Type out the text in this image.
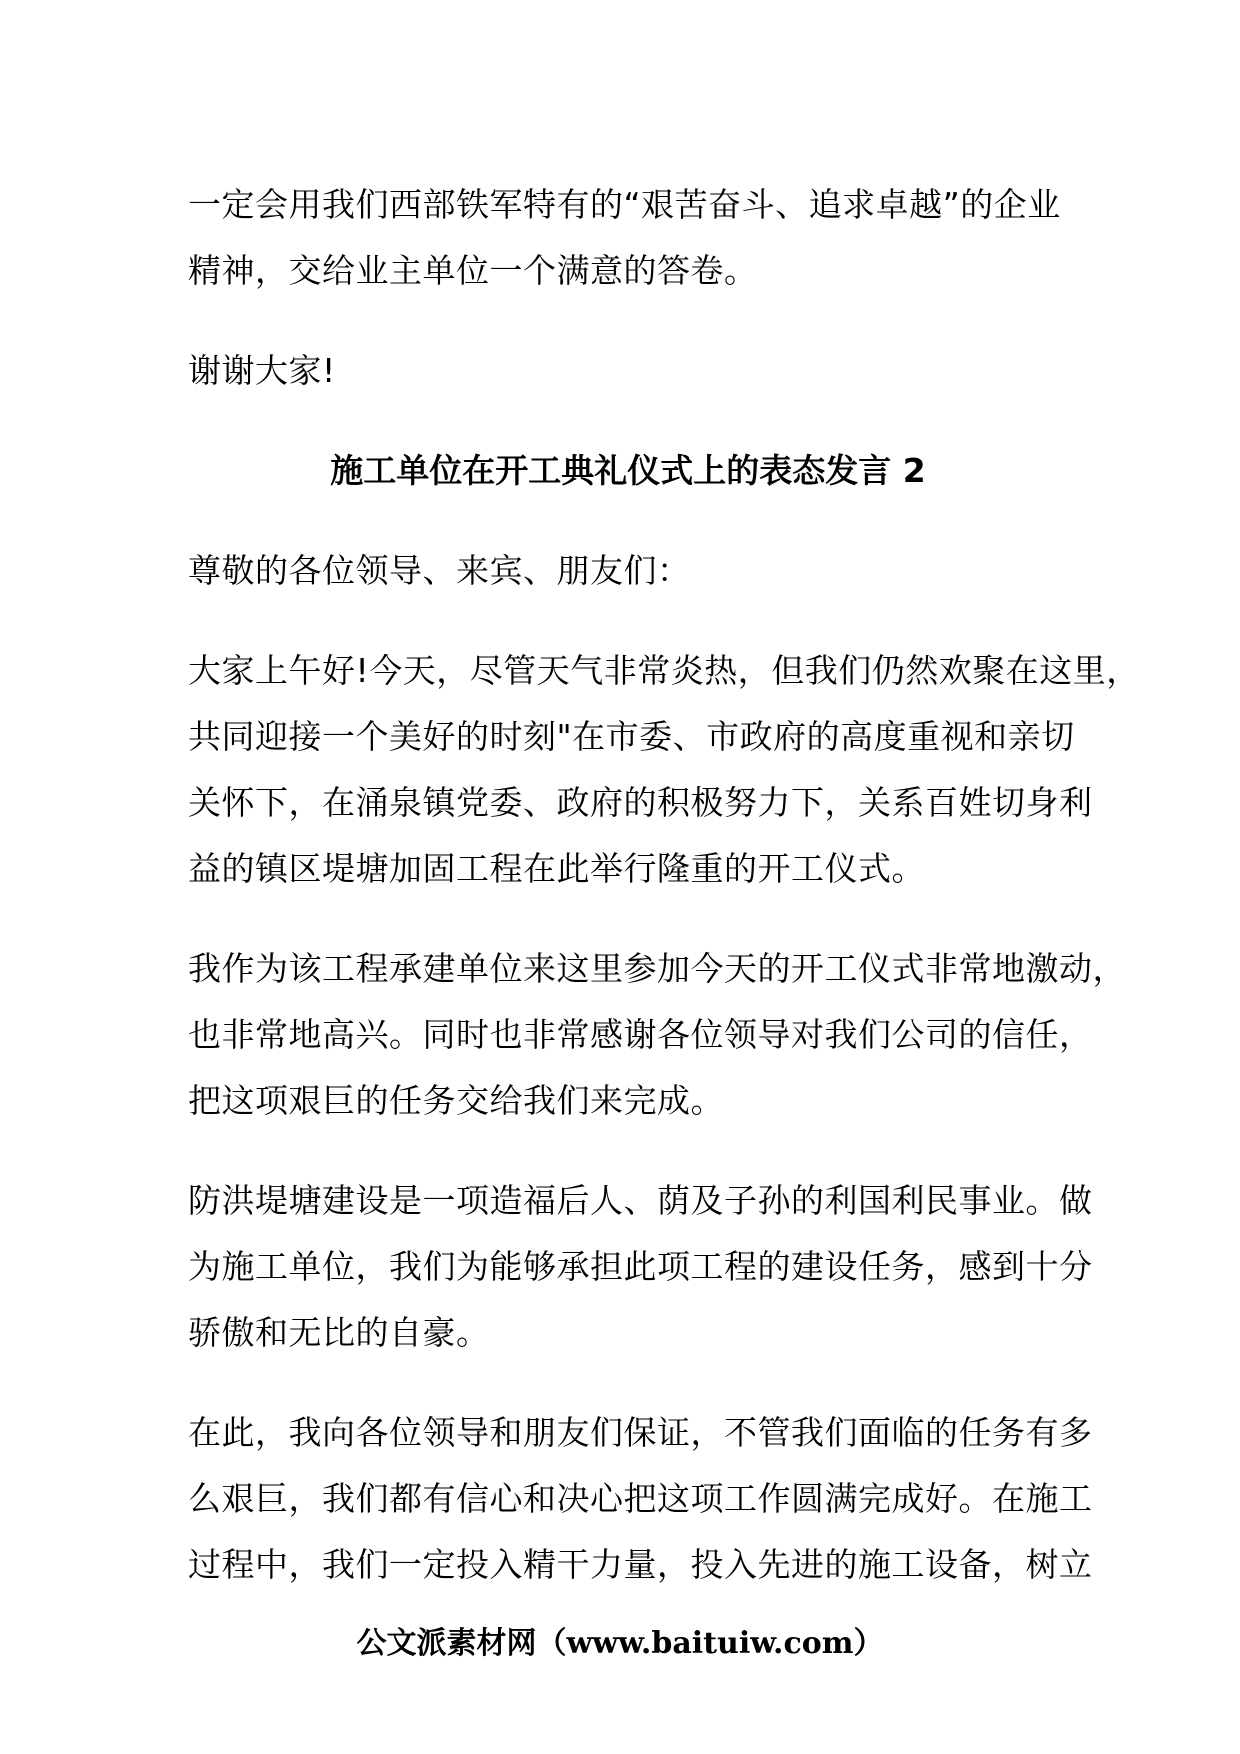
一定会用我们西部铁军特有的“艰苦奋斗、追求卓越”的企业
精神，交给业主单位一个满意的答卷。

谢谢大家!

施工单位在开工典礼仪式上的表态发言 2

尊敬的各位领导、来宾、朋友们：

大家上午好!今天，尽管天气非常炎热，但我们仍然欢聚在这里，
共同迎接一个美好的时刻"在市委、市政府的高度重视和亲切
关怀下，在涌泉镇党委、政府的积极努力下，关系百姓切身利
益的镇区堤塘加固工程在此举行隆重的开工仪式。

我作为该工程承建单位来这里参加今天的开工仪式非常地激动，
也非常地高兴。同时也非常感谢各位领导对我们公司的信任，
把这项艰巨的任务交给我们来完成。

防洪堤塘建设是一项造福后人、荫及子孙的利国利民事业。做
为施工单位，我们为能够承担此项工程的建设任务，感到十分
骄傲和无比的自豪。

在此，我向各位领导和朋友们保证，不管我们面临的任务有多
么艰巨，我们都有信心和决心把这项工作圆满完成好。在施工
过程中，我们一定投入精干力量，投入先进的施工设备，树立

公文派素材网（www.baituiw.com）
